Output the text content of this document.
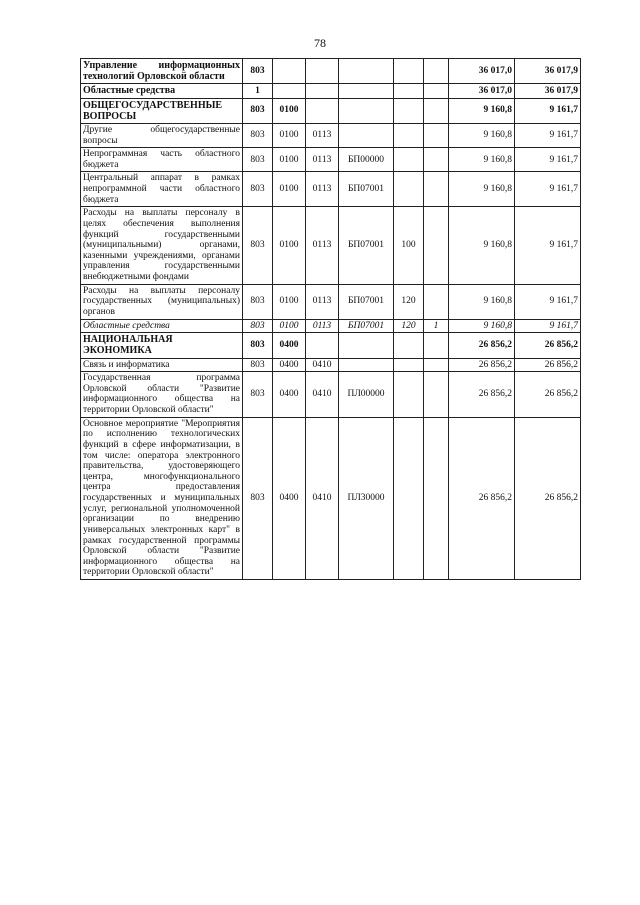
78
Управление информационных технологий Орловской области	803						36 017,0	36 017,9
Областные средства	1						36 017,0	36 017,9
ОБЩЕГОСУДАРСТВЕННЫЕ ВОПРОСЫ	803	0100					9 160,8	9 161,7
Другие общегосударственные вопросы	803	0100	0113				9 160,8	9 161,7
Непрограммная часть областного бюджета	803	0100	0113	БП00000			9 160,8	9 161,7
Центральный аппарат в рамках непрограммной части областного бюджета	803	0100	0113	БП07001			9 160,8	9 161,7
Расходы на выплаты персоналу в целях обеспечения выполнения функций государственными (муниципальными) органами, казенными учреждениями, органами управления государственными внебюджетными фондами	803	0100	0113	БП07001	100		9 160,8	9 161,7
Расходы на выплаты персоналу государственных (муниципальных) органов	803	0100	0113	БП07001	120		9 160,8	9 161,7
Областные средства	803	0100	0113	БП07001	120	1	9 160,8	9 161,7
НАЦИОНАЛЬНАЯ ЭКОНОМИКА	803	0400					26 856,2	26 856,2
Связь и информатика	803	0400	0410				26 856,2	26 856,2
Государственная программа Орловской области "Развитие информационного общества на территории Орловской области"	803	0400	0410	ПЛ00000			26 856,2	26 856,2
Основное мероприятие "Мероприятия по исполнению технологических функций в сфере информатизации, в том числе: оператора электронного правительства, удостоверяющего центра, многофункционального центра предоставления государственных и муниципальных услуг, региональной уполномоченной организации по внедрению универсальных электронных карт" в рамках государственной программы Орловской области "Развитие информационного общества на территории Орловской области"	803	0400	0410	ПЛ30000			26 856,2	26 856,2
